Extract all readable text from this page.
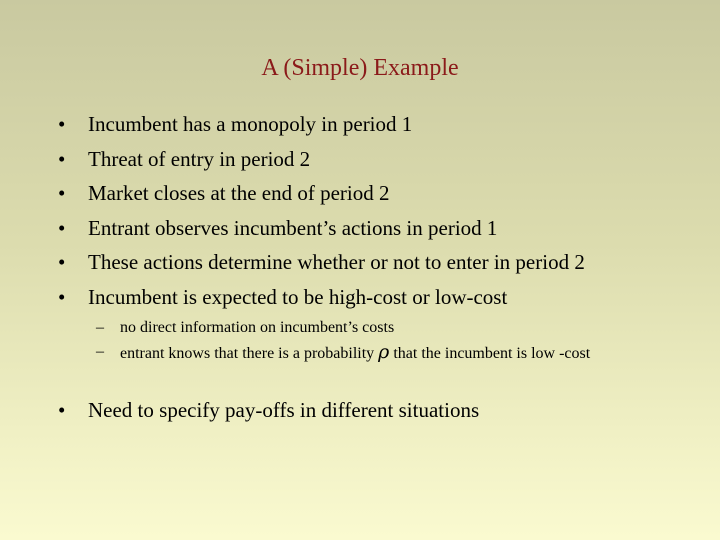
A (Simple) Example
•	Incumbent has a monopoly in period 1
•	Threat of entry in period 2
•	Market closes at the end of period 2
•	Entrant observes incumbent’s actions in period 1
•	These actions determine whether or not to enter in period 2
•	Incumbent is expected to be high-cost or low-cost
–	no direct information on incumbent’s costs
–	entrant knows that there is a probability ρ that the incumbent is low -cost
•	Need to specify pay-offs in different situations
